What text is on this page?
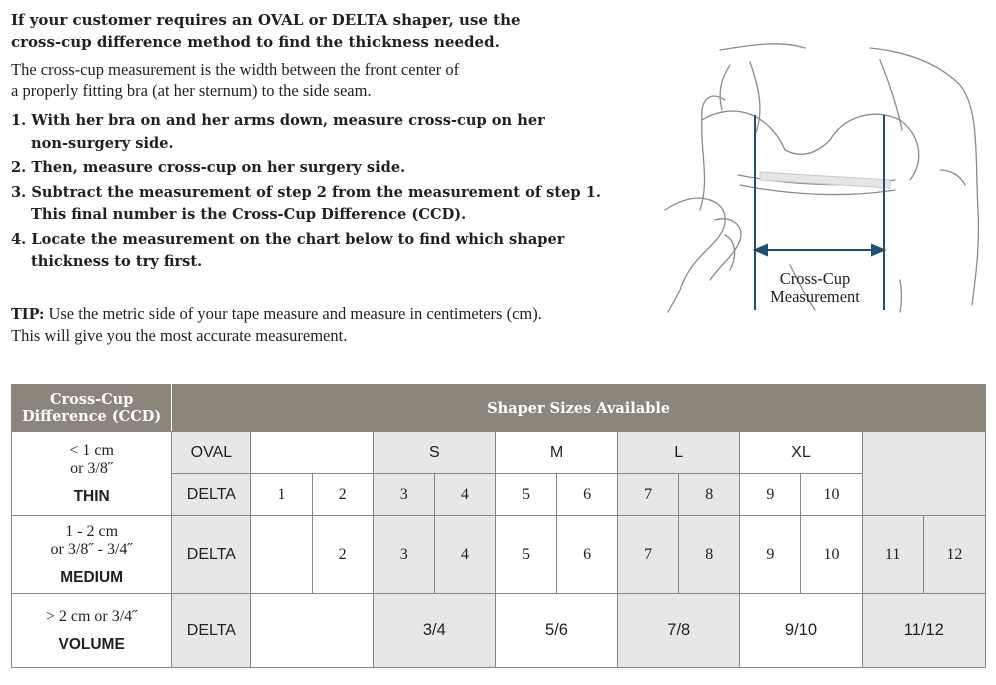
If your customer requires an OVAL or DELTA shaper, use the
cross-cup difference method to find the thickness needed.
The cross-cup measurement is the width between the front center of
a properly fitting bra (at her sternum) to the side seam.
1. With her bra on and her arms down, measure cross-cup on her
non-surgery side.
2. Then, measure cross-cup on her surgery side.
3. Subtract the measurement of step 2 from the measurement of step 1.
This final number is the Cross-Cup Difference (CCD).
4. Locate the measurement on the chart below to find which shaper
thickness to try first.
TIP: Use the metric side of your tape measure and measure in centimeters (cm).
This will give you the most accurate measurement.
Cross-Cup
Measurement
Cross-Cup
Difference (CCD)	Shaper Sizes Available												

< 1 cm
or 3/8˝
THIN	OVAL			S		M		L		XL			
	DELTA	1	2	3	4	5	6	7	8	9	10		

1 - 2 cm
or 3/8˝ - 3/4˝
MEDIUM	DELTA		2	3	4	5	6	7	8	9	10	11	12

> 2 cm or 3/4˝
VOLUME	DELTA			3/4		5/6		7/8		9/10		11/12	
